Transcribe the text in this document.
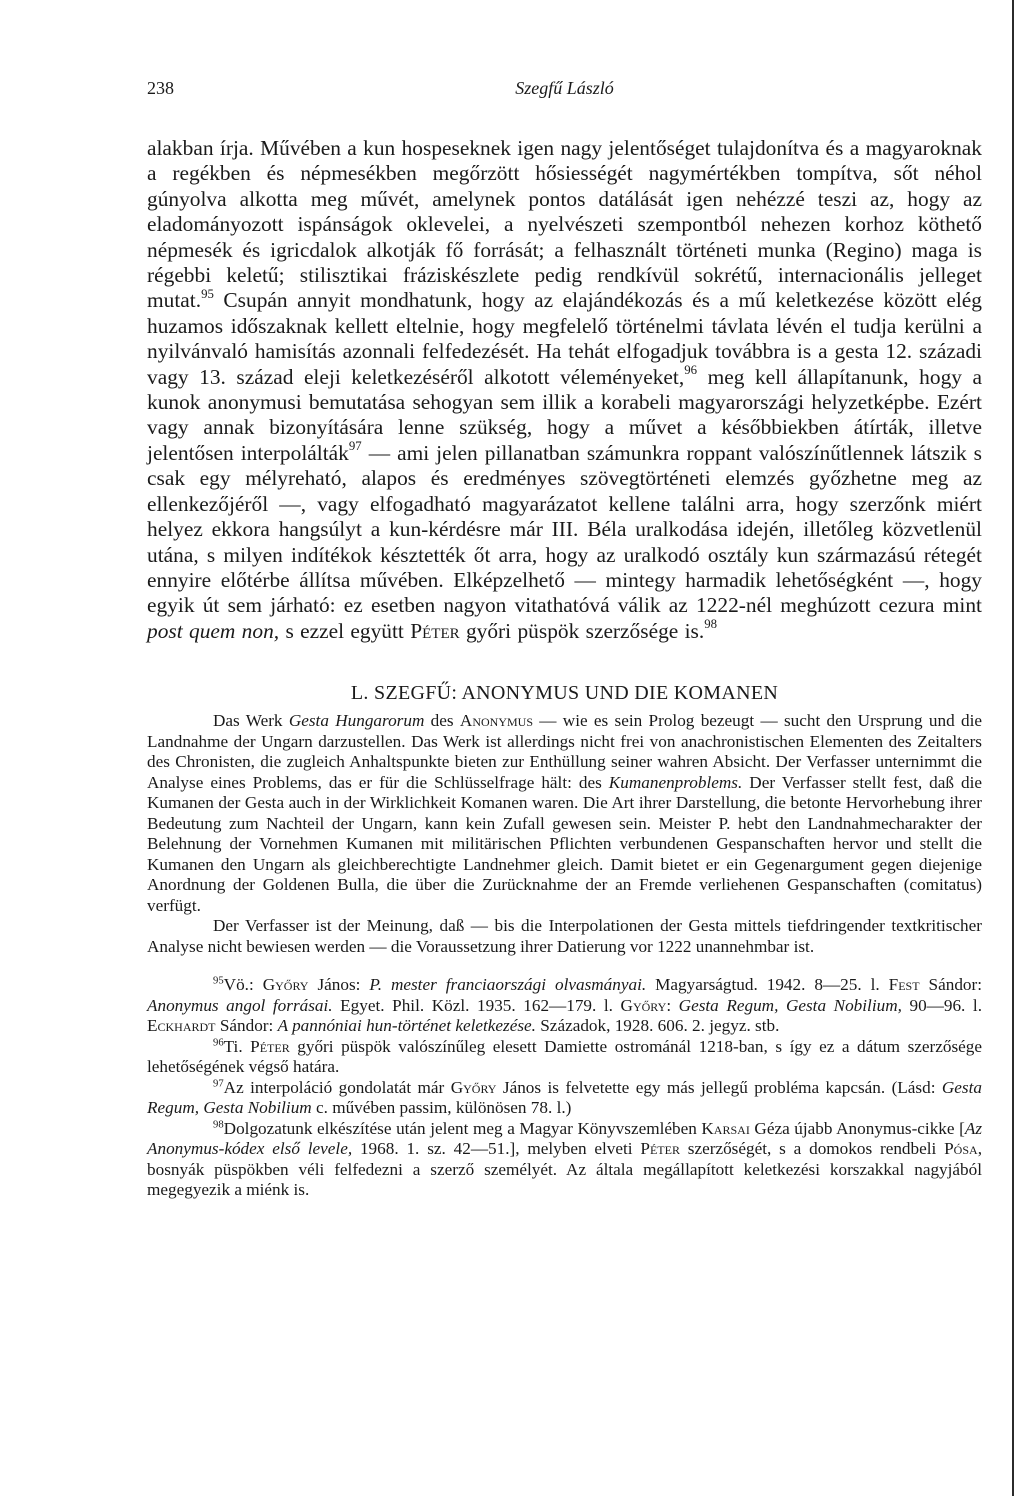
238	Szegfű László

alakban írja. Művében a kun hospeseknek igen nagy jelentőséget tulajdonítva és a magyaroknak a regékben és népmesékben megőrzött hősiességét nagymértékben tompítva, sőt néhol gúnyolva alkotta meg művét, amelynek pontos datálását igen nehézzé teszi az, hogy az eladományozott ispánságok oklevelei, a nyelvészeti szempontból nehezen korhoz köthető népmesék és igricdalok alkotják fő forrását; a felhasznált történeti munka (Regino) maga is régebbi keletű; stilisztikai fráziskészlete pedig rendkívül sokrétű, internacionális jelleget mutat.$^{95}$ Csupán annyit mondhatunk, hogy az elajándékozás és a mű keletkezése között elég huzamos időszaknak kellett eltelnie, hogy megfelelő történelmi távlata lévén el tudja kerülni a nyilvánvaló hamisítás azonnali felfedezését. Ha tehát elfogadjuk továbbra is a gesta 12. századi vagy 13. század eleji keletkezéséről alkotott véleményeket,$^{96}$ meg kell állapítanunk, hogy a kunok anonymusi bemutatása sehogyan sem illik a korabeli magyarországi helyzetképbe. Ezért vagy annak bizonyítására lenne szükség, hogy a művet a későbbiekben átírták, illetve jelentősen interpolálták$^{97}$ — ami jelen pillanatban számunkra roppant valószínűtlennek látszik s csak egy mélyreható, alapos és eredményes szövegtörténeti elemzés győzhetne meg az ellenkezőjéről —, vagy elfogadható magyarázatot kellene találni arra, hogy szerzőnk miért helyez ekkora hangsúlyt a kun-kérdésre már III. Béla uralkodása idején, illetőleg közvetlenül utána, s milyen indítékok késztették őt arra, hogy az uralkodó osztály kun származású rétegét ennyire előtérbe állítsa művében. Elképzelhető — mintegy harmadik lehetőségként —, hogy egyik út sem járható: ez esetben nagyon vitathatóvá válik az 1222-nél meghúzott cezura mint post quem non, s ezzel együtt Péter győri püspök szerzősége is.$^{98}$

L. SZEGFŰ: ANONYMUS UND DIE KOMANEN

Das Werk Gesta Hungarorum des Anonymus — wie es sein Prolog bezeugt — sucht den Ursprung und die Landnahme der Ungarn darzustellen. Das Werk ist allerdings nicht frei von anachronistischen Elementen des Zeitalters des Chronisten, die zugleich Anhaltspunkte bieten zur Enthüllung seiner wahren Absicht. Der Verfasser unternimmt die Analyse eines Problems, das er für die Schlüsselfrage hält: des Kumanenproblems. Der Verfasser stellt fest, daß die Kumanen der Gesta auch in der Wirklichkeit Komanen waren. Die Art ihrer Darstellung, die betonte Hervorhebung ihrer Bedeutung zum Nachteil der Ungarn, kann kein Zufall gewesen sein. Meister P. hebt den Landnahmecharakter der Belehnung der Vornehmen Kumanen mit militärischen Pflichten verbundenen Gespanschaften hervor und stellt die Kumanen den Ungarn als gleichberechtigte Landnehmer gleich. Damit bietet er ein Gegenargument gegen diejenige Anordnung der Goldenen Bulla, die über die Zurücknahme der an Fremde verliehenen Gespanschaften (comitatus) verfügt.

Der Verfasser ist der Meinung, daß — bis die Interpolationen der Gesta mittels tiefdringender textkritischer Analyse nicht bewiesen werden — die Voraussetzung ihrer Datierung vor 1222 unannehmbar ist.

$^{95}$Vö.: Győry János: P. mester franciaországi olvasmányai. Magyarságtud. 1942. 8—25. l. Fest Sándor: Anonymus angol forrásai. Egyet. Phil. Közl. 1935. 162—179. l. Győry: Gesta Regum, Gesta Nobilium, 90—96. l. Eckhardt Sándor: A pannóniai hun-történet keletkezése. Századok, 1928. 606. 2. jegyz. stb.

$^{96}$Ti. Péter győri püspök valószínűleg elesett Damiette ostrománál 1218-ban, s így ez a dátum szerzősége lehetőségének végső határa.

$^{97}$Az interpoláció gondolatát már Győry János is felvetette egy más jellegű problémа kapcsán. (Lásd: Gesta Regum, Gesta Nobilium c. művében passim, különösen 78. l.)

$^{98}$Dolgozatunk elkészítése után jelent meg a Magyar Könyvszemlében Karsai Géza újabb Anonymus-cikke [Az Anonymus-kódex első levele, 1968. 1. sz. 42—51.], melyben elveti Péter szerzőségét, s a domokos rendbeli Pósa, bosnyák püspökben véli felfedezni a szerző személyét. Az általa megállapított keletkezési korszakkal nagyjából megegyezik a miénk is.
